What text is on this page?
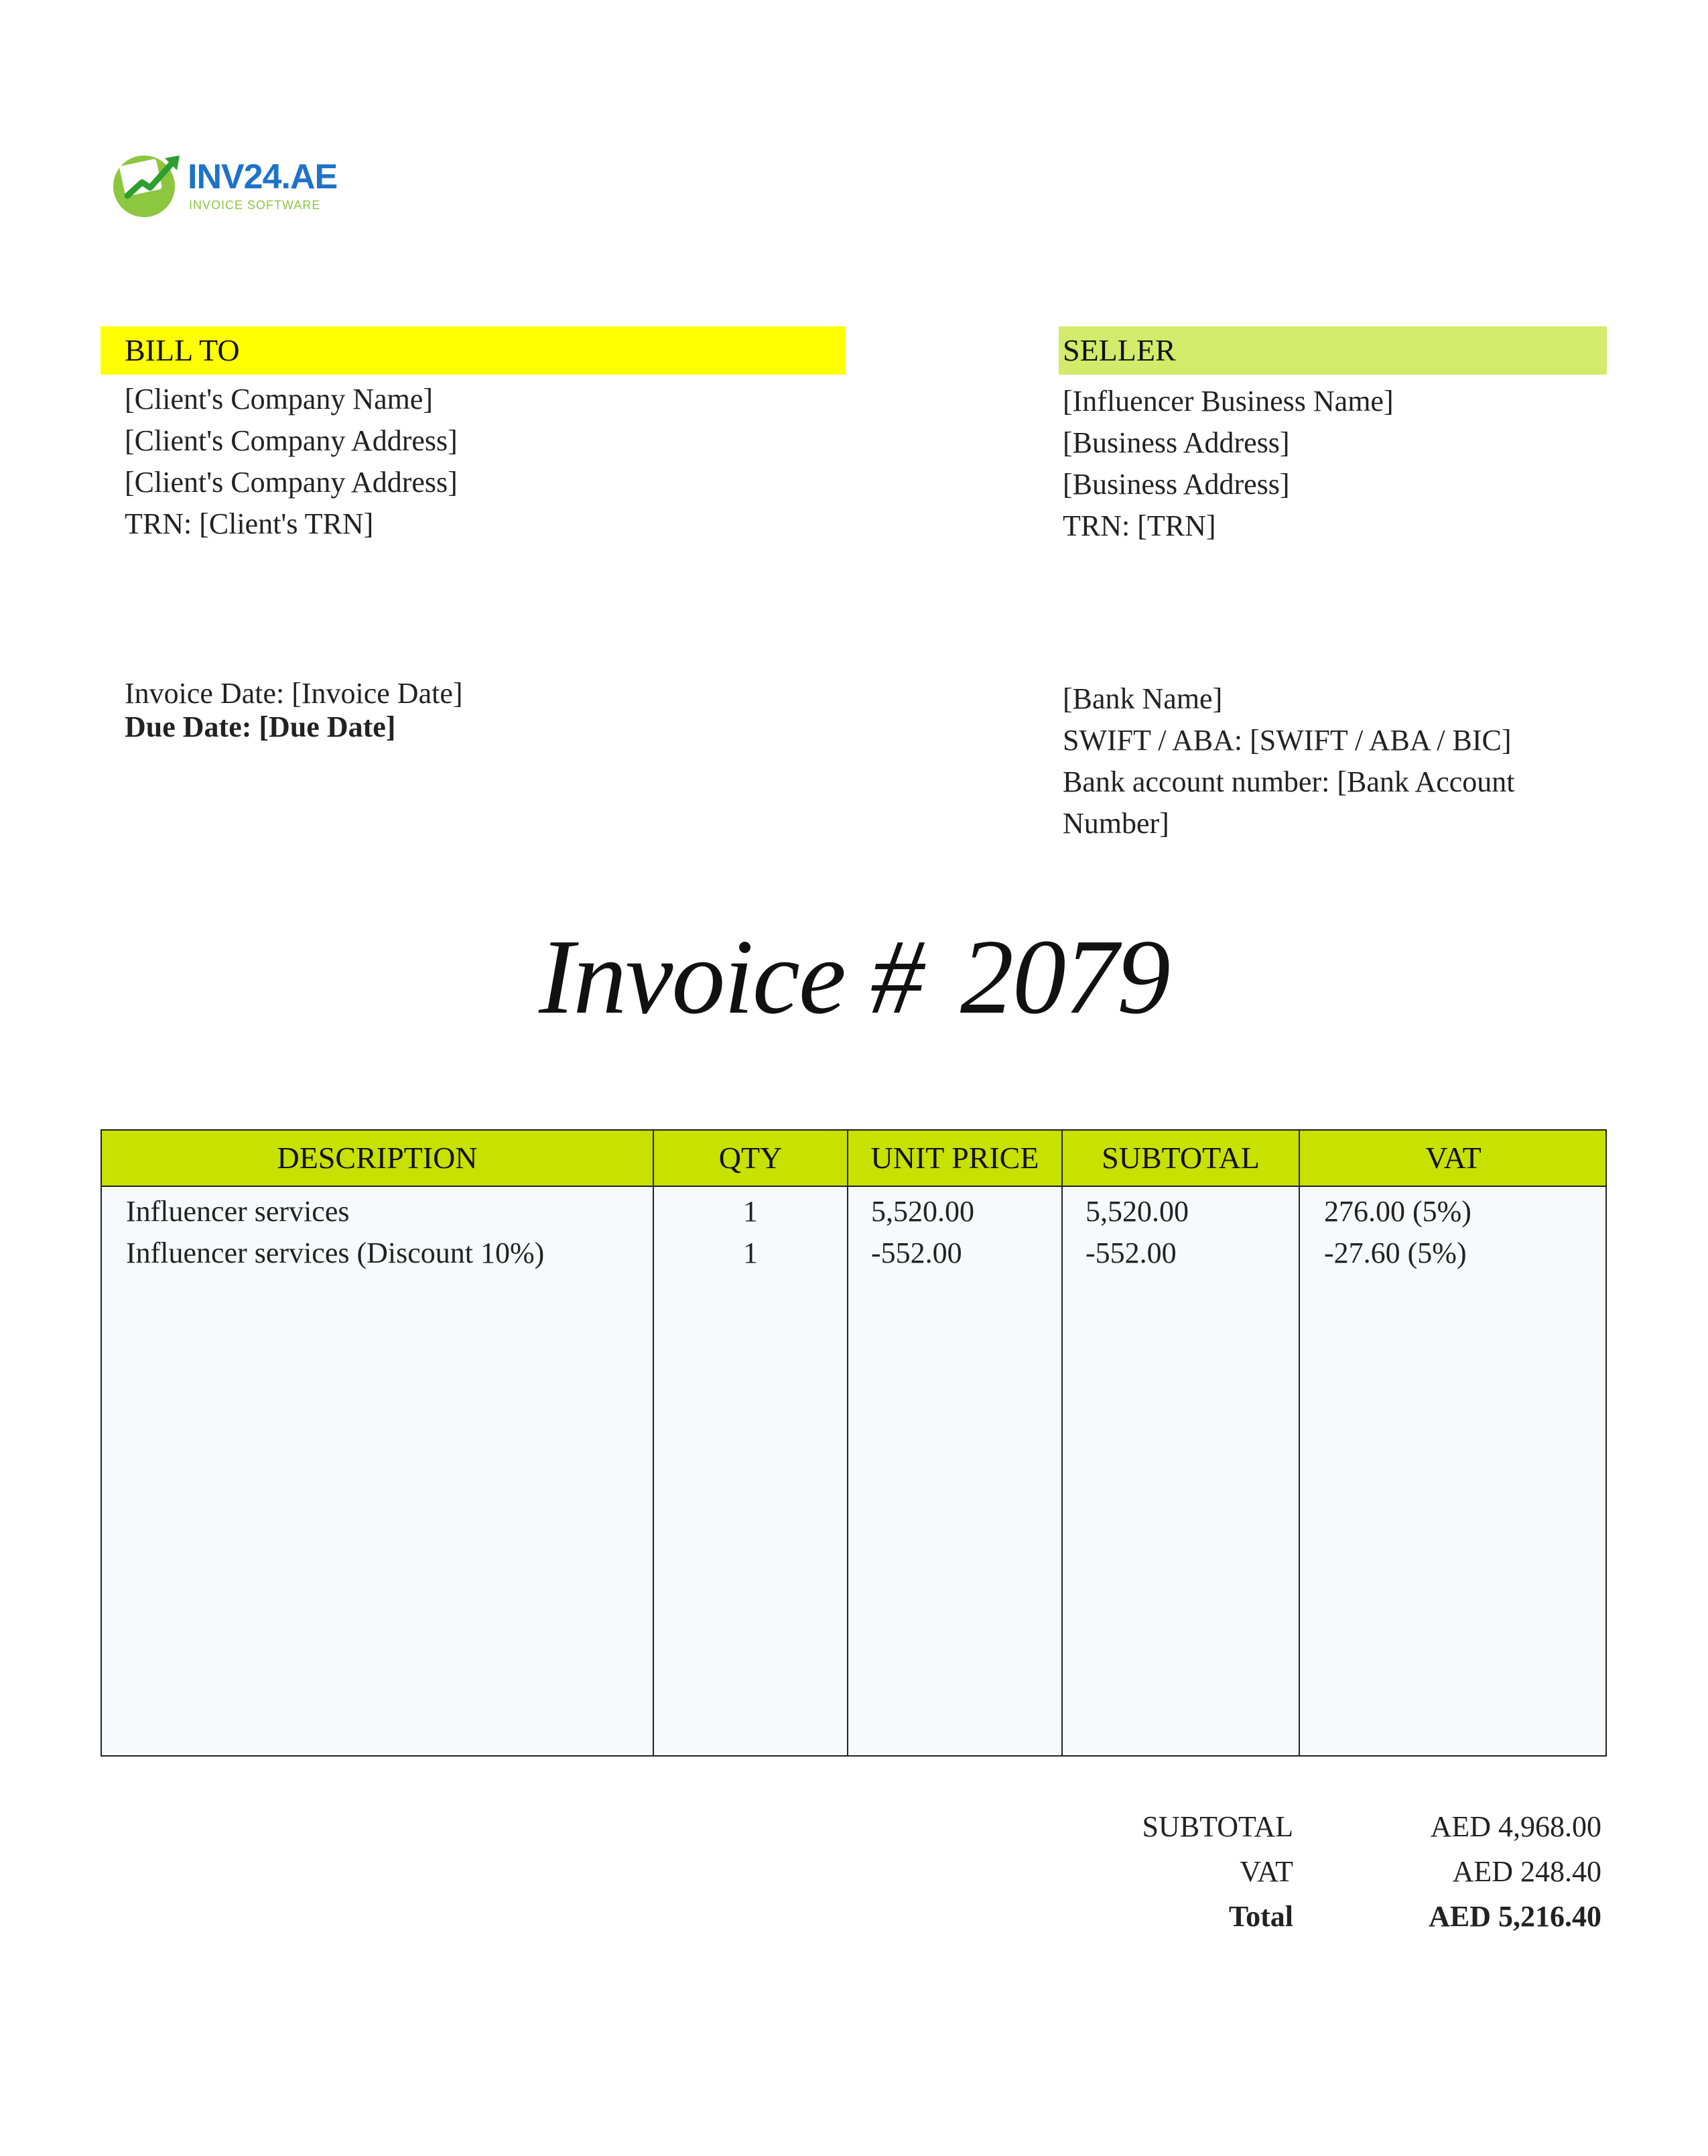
INV24.AE
INVOICE SOFTWARE
BILL TO
[Client's Company Name]
[Client's Company Address]
[Client's Company Address]
TRN: [Client's TRN]
SELLER
[Influencer Business Name]
[Business Address]
[Business Address]
TRN: [TRN]
Invoice Date: [Invoice Date]
Due Date: [Due Date]
[Bank Name]
SWIFT / ABA: [SWIFT / ABA / BIC]
Bank account number: [Bank Account Number]
Invoice # 2079
DESCRIPTION	QTY	UNIT PRICE	SUBTOTAL	VAT
Influencer services	1	5,520.00	5,520.00	276.00 (5%)
Influencer services (Discount 10%)	1	-552.00	-552.00	-27.60 (5%)
SUBTOTAL	AED 4,968.00
VAT	AED 248.40
Total	AED 5,216.40
